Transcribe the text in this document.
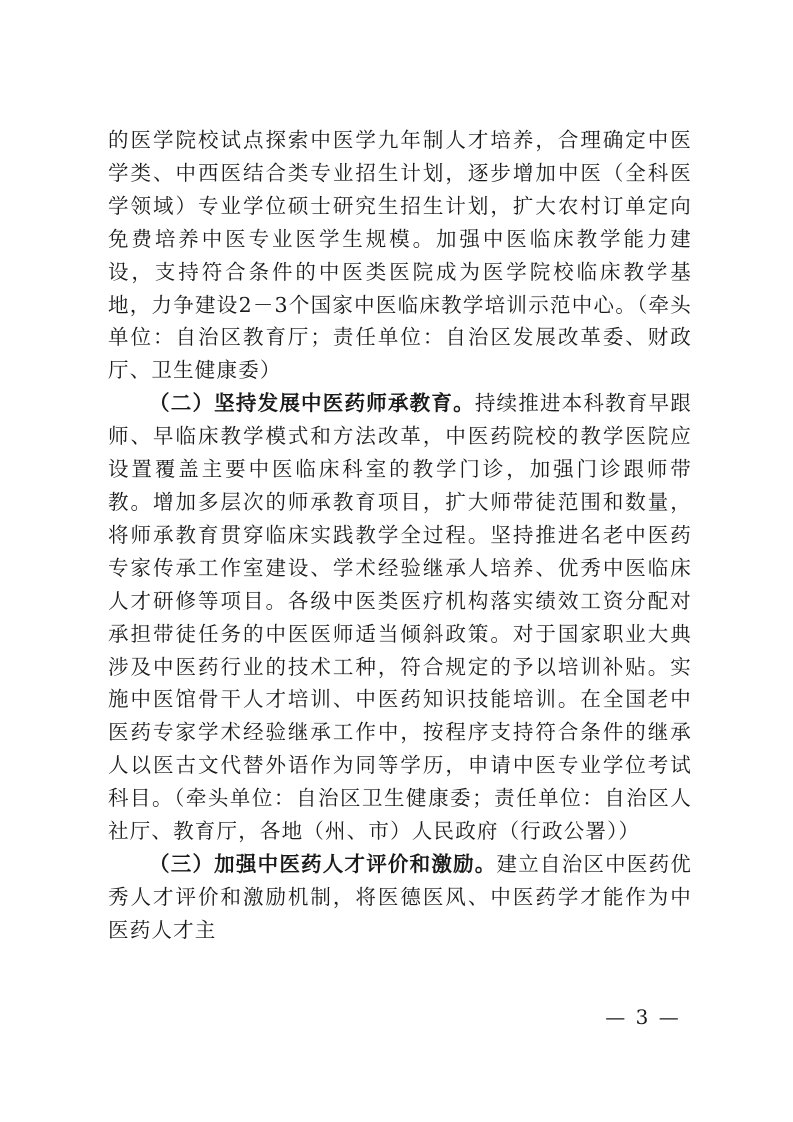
的医学院校试点探索中医学九年制人才培养，合理确定中医学类、中西医结合类专业招生计划，逐步增加中医（全科医学领域）专业学位硕士研究生招生计划，扩大农村订单定向免费培养中医专业医学生规模。加强中医临床教学能力建设，支持符合条件的中医类医院成为医学院校临床教学基地，力争建设2－3个国家中医临床教学培训示范中心。（牵头单位：自治区教育厅；责任单位：自治区发展改革委、财政厅、卫生健康委）

（二）坚持发展中医药师承教育。持续推进本科教育早跟师、早临床教学模式和方法改革，中医药院校的教学医院应设置覆盖主要中医临床科室的教学门诊，加强门诊跟师带教。增加多层次的师承教育项目，扩大师带徒范围和数量，将师承教育贯穿临床实践教学全过程。坚持推进名老中医药专家传承工作室建设、学术经验继承人培养、优秀中医临床人才研修等项目。各级中医类医疗机构落实绩效工资分配对承担带徒任务的中医医师适当倾斜政策。对于国家职业大典涉及中医药行业的技术工种，符合规定的予以培训补贴。实施中医馆骨干人才培训、中医药知识技能培训。在全国老中医药专家学术经验继承工作中，按程序支持符合条件的继承人以医古文代替外语作为同等学历，申请中医专业学位考试科目。（牵头单位：自治区卫生健康委；责任单位：自治区人社厅、教育厅，各地（州、市）人民政府（行政公署））

（三）加强中医药人才评价和激励。建立自治区中医药优秀人才评价和激励机制，将医德医风、中医药学才能作为中医药人才主

— 3 —
